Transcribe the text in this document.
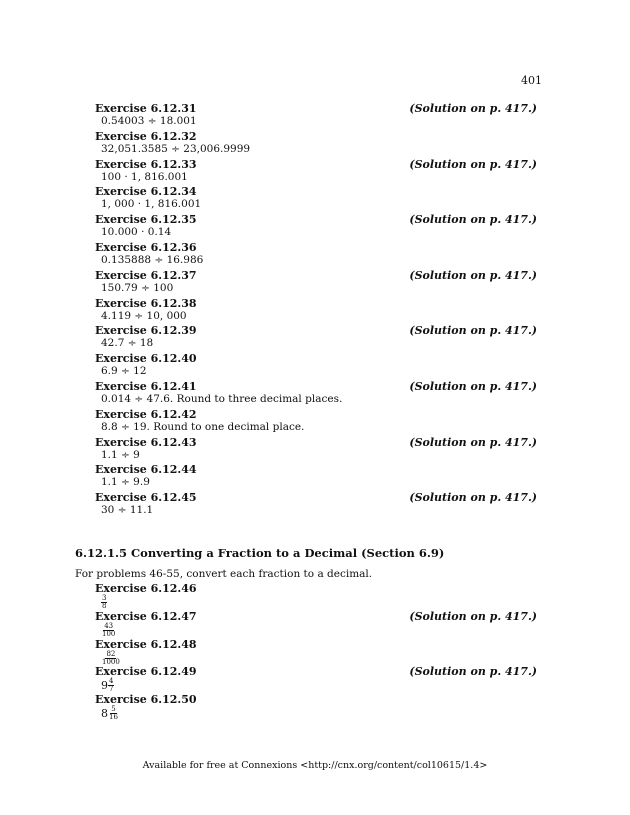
401
Exercise 6.12.31	(Solution on p. 417.)
0.54003 ÷ 18.001
Exercise 6.12.32
32,051.3585 ÷ 23,006.9999
Exercise 6.12.33	(Solution on p. 417.)
100 · 1, 816.001
Exercise 6.12.34
1, 000 · 1, 816.001
Exercise 6.12.35	(Solution on p. 417.)
10.000 · 0.14
Exercise 6.12.36
0.135888 ÷ 16.986
Exercise 6.12.37	(Solution on p. 417.)
150.79 ÷ 100
Exercise 6.12.38
4.119 ÷ 10, 000
Exercise 6.12.39	(Solution on p. 417.)
42.7 ÷ 18
Exercise 6.12.40
6.9 ÷ 12
Exercise 6.12.41	(Solution on p. 417.)
0.014 ÷ 47.6. Round to three decimal places.
Exercise 6.12.42
8.8 ÷ 19. Round to one decimal place.
Exercise 6.12.43	(Solution on p. 417.)
1.1 ÷ 9
Exercise 6.12.44
1.1 ÷ 9.9
Exercise 6.12.45	(Solution on p. 417.)
30 ÷ 11.1
6.12.1.5 Converting a Fraction to a Decimal (Section 6.9)
For problems 46-55, convert each fraction to a decimal.
Exercise 6.12.46
$\frac{3}{8}$
Exercise 6.12.47	(Solution on p. 417.)
$\frac{43}{100}$
Exercise 6.12.48
$\frac{82}{1000}$
Exercise 6.12.49	(Solution on p. 417.)
$9 \frac{4}{7}$
Exercise 6.12.50
$8 \frac{5}{16}$
Available for free at Connexions <http://cnx.org/content/col10615/1.4>
